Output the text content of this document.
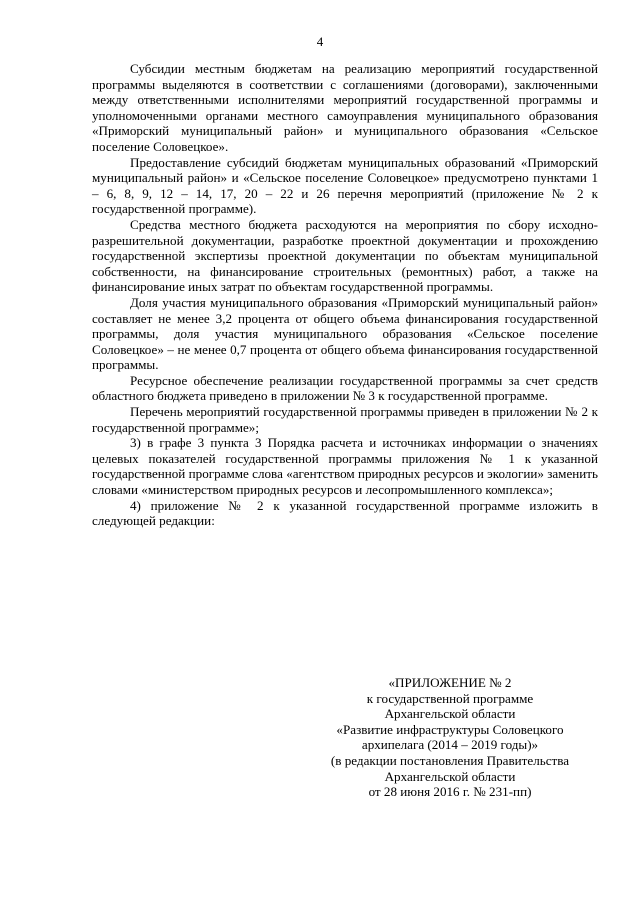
4

Субсидии местным бюджетам на реализацию мероприятий государственной программы выделяются в соответствии с соглашениями (договорами), заключенными между ответственными исполнителями мероприятий государственной программы и уполномоченными органами местного самоуправления муниципального образования «Приморский муниципальный район» и муниципального образования «Сельское поселение Соловецкое».

Предоставление субсидий бюджетам муниципальных образований «Приморский муниципальный район» и «Сельское поселение Соловецкое» предусмотрено пунктами 1 – 6, 8, 9, 12 – 14, 17, 20 – 22 и 26 перечня мероприятий (приложение № 2 к государственной программе).

Средства местного бюджета расходуются на мероприятия по сбору исходно-разрешительной документации, разработке проектной документации и прохождению государственной экспертизы проектной документации по объектам муниципальной собственности, на финансирование строительных (ремонтных) работ, а также на финансирование иных затрат по объектам государственной программы.

Доля участия муниципального образования «Приморский муниципальный район» составляет не менее 3,2 процента от общего объема финансирования государственной программы, доля участия муниципального образования «Сельское поселение Соловецкое» – не менее 0,7 процента от общего объема финансирования государственной программы.

Ресурсное обеспечение реализации государственной программы за счет средств областного бюджета приведено в приложении № 3 к государственной программе.

Перечень мероприятий государственной программы приведен в приложении № 2 к государственной программе»;

3) в графе 3 пункта 3 Порядка расчета и источниках информации о значениях целевых показателей государственной программы приложения № 1 к указанной государственной программе слова «агентством природных ресурсов и экологии» заменить словами «министерством природных ресурсов и лесопромышленного комплекса»;

4) приложение № 2 к указанной государственной программе изложить в следующей редакции:

«ПРИЛОЖЕНИЕ № 2
к государственной программе
Архангельской области
«Развитие инфраструктуры Соловецкого
архипелага (2014 – 2019 годы)»
(в редакции постановления Правительства
Архангельской области
от 28 июня 2016 г. № 231-пп)
